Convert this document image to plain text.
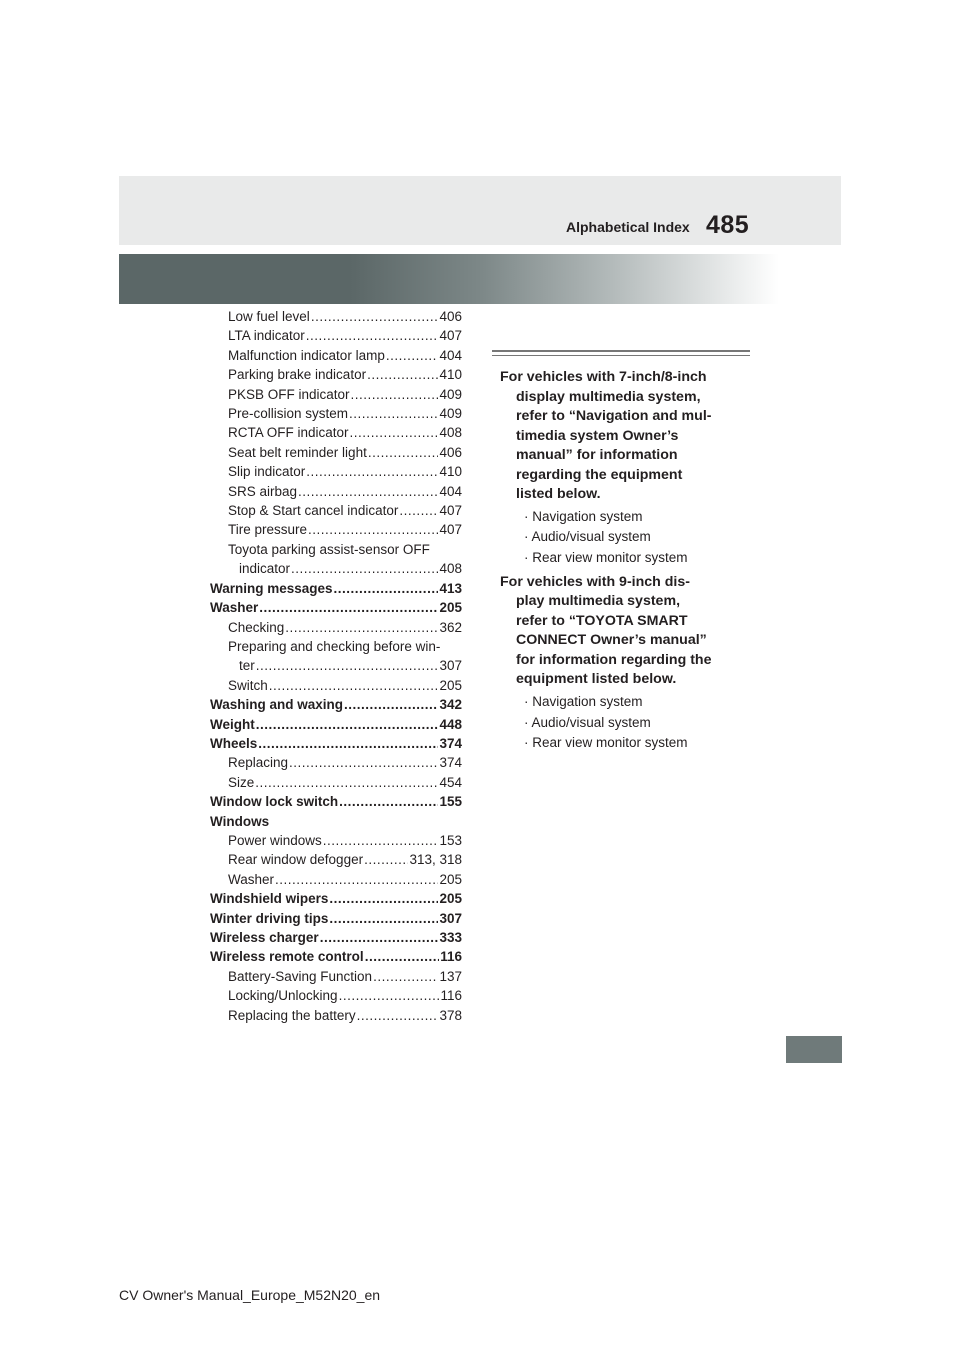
Alphabetical Index 485
Low fuel level .....	406
LTA indicator .....	407
Malfunction indicator lamp .....	404
Parking brake indicator .....	410
PKSB OFF indicator .....	409
Pre-collision system .....	409
RCTA OFF indicator .....	408
Seat belt reminder light .....	406
Slip indicator .....	410
SRS airbag .....	404
Stop & Start cancel indicator .....	407
Tire pressure .....	407
Toyota parking assist-sensor OFF
indicator .....	408
Warning messages .....	413
Washer .....	205
Checking .....	362
Preparing and checking before win-
ter .....	307
Switch .....	205
Washing and waxing .....	342
Weight .....	448
Wheels .....	374
Replacing .....	374
Size .....	454
Window lock switch .....	155
Windows
Power windows .....	153
Rear window defogger .....	313, 318
Washer .....	205
Windshield wipers .....	205
Winter driving tips .....	307
Wireless charger .....	333
Wireless remote control .....	116
Battery-Saving Function .....	137
Locking/Unlocking .....	116
Replacing the battery .....	378

For vehicles with 7-inch/8-inch
display multimedia system,
refer to “Navigation and mul-
timedia system Owner’s
manual” for information
regarding the equipment
listed below.

· Navigation system
· Audio/visual system
· Rear view monitor system

For vehicles with 9-inch dis-
play multimedia system,
refer to “TOYOTA SMART
CONNECT Owner’s manual”
for information regarding the
equipment listed below.

· Navigation system
· Audio/visual system
· Rear view monitor system
CV Owner's Manual_Europe_M52N20_en
